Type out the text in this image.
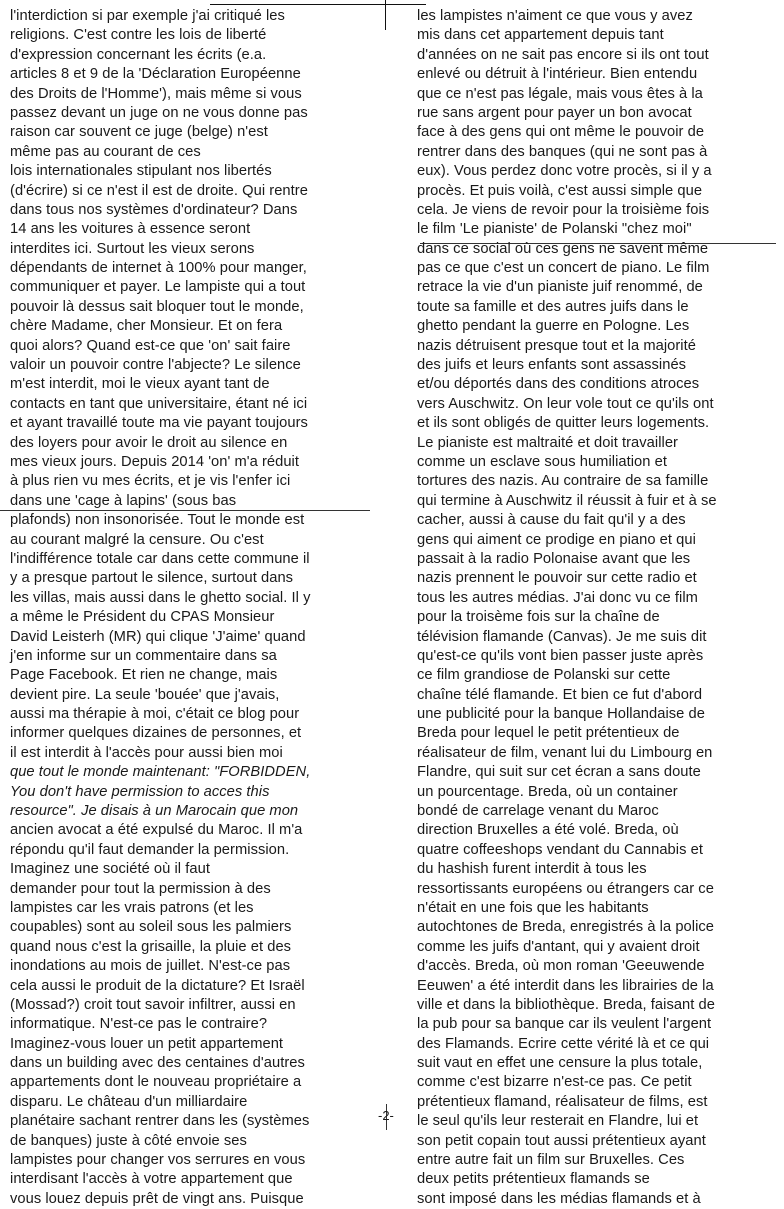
l'interdiction si par exemple j'ai critiqué les
religions. C'est contre les lois de liberté
d'expression concernant les écrits (e.a.
articles 8 et 9 de la 'Déclaration Européenne
des Droits de l'Homme'), mais même si vous
passez devant un juge on ne vous donne pas
raison car souvent ce juge (belge) n'est
même pas au courant de ces
lois internationales stipulant nos libertés
(d'écrire) si ce n'est il est de droite. Qui rentre
dans tous nos systèmes d'ordinateur? Dans
14 ans les voitures à essence seront
interdites ici. Surtout les vieux serons
dépendants de internet à 100% pour manger,
communiquer et payer. Le lampiste qui a tout
pouvoir là dessus sait bloquer tout le monde,
chère Madame, cher Monsieur. Et on fera
quoi alors? Quand est-ce que 'on' sait faire
valoir un pouvoir contre l'abjecte? Le silence
m'est interdit, moi le vieux ayant tant de
contacts en tant que universitaire, étant né ici
et ayant travaillé toute ma vie payant toujours
des loyers pour avoir le droit au silence en
mes vieux jours. Depuis 2014 'on' m'a réduit
à plus rien vu mes écrits, et je vis l'enfer ici
dans une 'cage à lapins' (sous bas
plafonds) non insonorisée. Tout le monde est
au courant malgré la censure. Ou c'est
l'indifférence totale car dans cette commune il
y a presque partout le silence, surtout dans
les villas, mais aussi dans le ghetto social. Il y
a même le Président du CPAS Monsieur
David Leisterh (MR) qui clique 'J'aime' quand
j'en informe sur un commentaire dans sa
Page Facebook. Et rien ne change, mais
devient pire. La seule 'bouée' que j'avais,
aussi ma thérapie à moi, c'était ce blog pour
informer quelques dizaines de personnes, et
il est interdit à l'accès pour aussi bien moi
que tout le monde maintenant: "FORBIDDEN,
You don't have permission to acces this
resource". Je disais à un Marocain que mon
ancien avocat a été expulsé du Maroc. Il m'a
répondu qu'il faut demander la permission.
Imaginez une société où il faut
demander pour tout la permission à des
lampistes car les vrais patrons (et les
coupables) sont au soleil sous les palmiers
quand nous c'est la grisaille, la pluie et des
inondations au mois de juillet. N'est-ce pas
cela aussi le produit de la dictature? Et Israël
(Mossad?) croit tout savoir infiltrer, aussi en
informatique. N'est-ce pas le contraire?
Imaginez-vous louer un petit appartement
dans un building avec des centaines d'autres
appartements dont le nouveau propriétaire a
disparu. Le château d'un milliardaire
planétaire sachant rentrer dans les (systèmes
de banques) juste à côté envoie ses
lampistes pour changer vos serrures en vous
interdisant l'accès à votre appartement que
vous louez depuis prêt de vingt ans. Puisque
les lampistes n'aiment ce que vous y avez
mis dans cet appartement depuis tant
d'années on ne sait pas encore si ils ont tout
enlevé ou détruit à l'intérieur. Bien entendu
que ce n'est pas légale, mais vous êtes à la
rue sans argent pour payer un bon avocat
face à des gens qui ont même le pouvoir de
rentrer dans des banques (qui ne sont pas à
eux). Vous perdez donc votre procès, si il y a
procès. Et puis voilà, c'est aussi simple que
cela. Je viens de revoir pour la troisième fois
le film 'Le pianiste' de Polanski "chez moi"
dans ce social où ces gens ne savent même
pas ce que c'est un concert de piano. Le film
retrace la vie d'un pianiste juif renommé, de
toute sa famille et des autres juifs dans le
ghetto pendant la guerre en Pologne. Les
nazis détruisent presque tout et la majorité
des juifs et leurs enfants sont assassinés
et/ou déportés dans des conditions atroces
vers Auschwitz. On leur vole tout ce qu'ils ont
et ils sont obligés de quitter leurs logements.
Le pianiste est maltraité et doit travailler
comme un esclave sous humiliation et
tortures des nazis. Au contraire de sa famille
qui termine à Auschwitz il réussit à fuir et à se
cacher, aussi à cause du fait qu'il y a des
gens qui aiment ce prodige en piano et qui
passait à la radio Polonaise avant que les
nazis prennent le pouvoir sur cette radio et
tous les autres médias. J'ai donc vu ce film
pour la troisème fois sur la chaîne de
télévision flamande (Canvas). Je me suis dit
qu'est-ce qu'ils vont bien passer juste après
ce film grandiose de Polanski sur cette
chaîne télé flamande. Et bien ce fut d'abord
une publicité pour la banque Hollandaise de
Breda pour lequel le petit prétentieux de
réalisateur de film, venant lui du Limbourg en
Flandre, qui suit sur cet écran a sans doute
un pourcentage. Breda, où un container
bondé de carrelage venant du Maroc
direction Bruxelles a été volé. Breda, où
quatre coffeeshops vendant du Cannabis et
du hashish furent interdit à tous les
ressortissants européens ou étrangers car ce
n'était en une fois que les habitants
autochtones de Breda, enregistrés à la police
comme les juifs d'antant, qui y avaient droit
d'accès. Breda, où mon roman 'Geeuwende
Eeuwen' a été interdit dans les librairies de la
ville et dans la bibliothèque. Breda, faisant de
la pub pour sa banque car ils veulent l'argent
des Flamands. Ecrire cette vérité là et ce qui
suit vaut en effet une censure la plus totale,
comme c'est bizarre n'est-ce pas. Ce petit
prétentieux flamand, réalisateur de films, est
le seul qu'ils leur resterait en Flandre, lui et
son petit copain tout aussi prétentieux ayant
entre autre fait un film sur Bruxelles. Ces
deux petits prétentieux flamands se
sont imposé dans les médias flamands et à
-2-
